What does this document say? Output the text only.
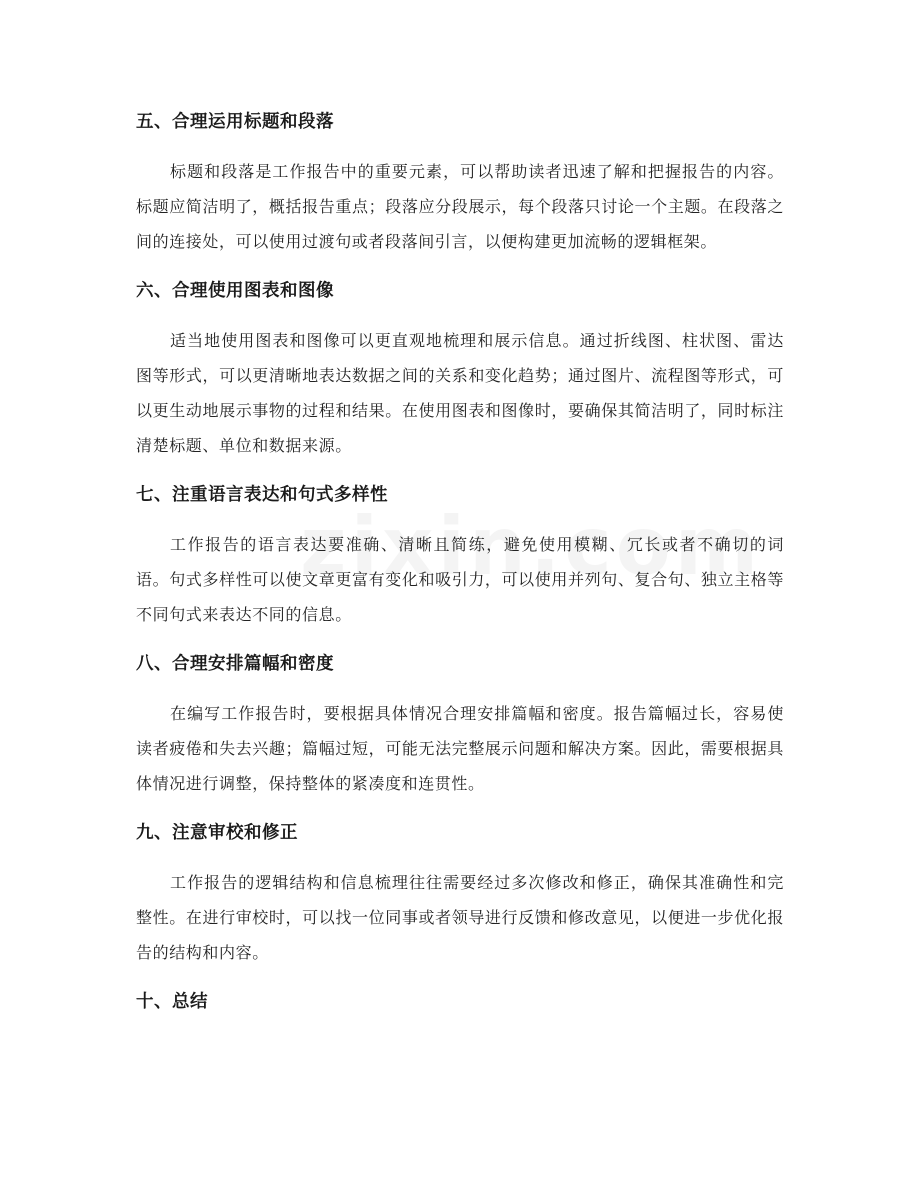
五、合理运用标题和段落

标题和段落是工作报告中的重要元素，可以帮助读者迅速了解和把握报告的内容。标题应简洁明了，概括报告重点；段落应分段展示，每个段落只讨论一个主题。在段落之间的连接处，可以使用过渡句或者段落间引言，以便构建更加流畅的逻辑框架。

六、合理使用图表和图像

适当地使用图表和图像可以更直观地梳理和展示信息。通过折线图、柱状图、雷达图等形式，可以更清晰地表达数据之间的关系和变化趋势；通过图片、流程图等形式，可以更生动地展示事物的过程和结果。在使用图表和图像时，要确保其简洁明了，同时标注清楚标题、单位和数据来源。

七、注重语言表达和句式多样性

工作报告的语言表达要准确、清晰且简练，避免使用模糊、冗长或者不确切的词语。句式多样性可以使文章更富有变化和吸引力，可以使用并列句、复合句、独立主格等不同句式来表达不同的信息。

八、合理安排篇幅和密度

在编写工作报告时，要根据具体情况合理安排篇幅和密度。报告篇幅过长，容易使读者疲倦和失去兴趣；篇幅过短，可能无法完整展示问题和解决方案。因此，需要根据具体情况进行调整，保持整体的紧凑度和连贯性。

九、注意审校和修正

工作报告的逻辑结构和信息梳理往往需要经过多次修改和修正，确保其准确性和完整性。在进行审校时，可以找一位同事或者领导进行反馈和修改意见，以便进一步优化报告的结构和内容。

十、总结
